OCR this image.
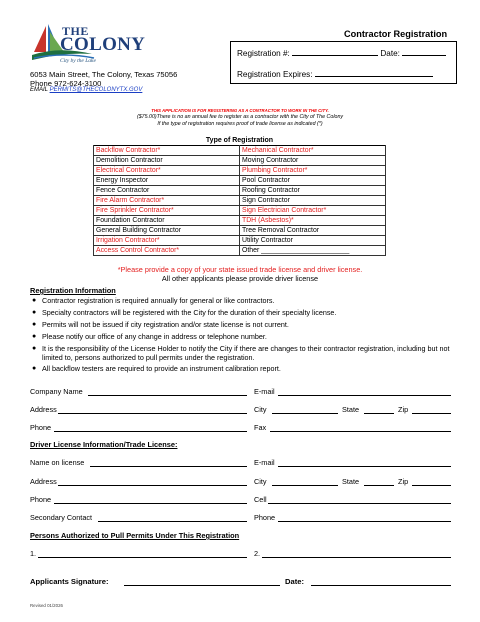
THE
COLONY
City by the Lake
6053 Main Street, The Colony, Texas 75056
Phone 972-624-3100
EMAIL PERMITS@THECOLONYTX.GOV
Contractor Registration
Registration #:	Date:
Registration Expires:
THIS APPLICATION IS FOR REGISTERING AS A CONTRACTOR TO WORK IN THE CITY.
($75.00)There is no an annual fee to register as a contractor with the City of The Colony
If the type of registration requires proof of trade license as indicated (*)
Type of Registration	
Backflow Contractor*	Mechanical Contractor*
Demolition Contractor	Moving Contractor
Electrical Contractor*	Plumbing Contractor*
Energy Inspector	Pool Contractor
Fence Contractor	Roofing Contractor
Fire Alarm Contractor*	Sign Contractor
Fire Sprinkler Contractor*	Sign Electrician Contractor*
Foundation Contractor	TDH (Asbestos)*
General Building Contractor	Tree Removal Contractor
Irrigation Contractor*	Utility Contractor
Access Control Contractor*	Other _______________________
*Please provide a copy of your state issued trade license and driver license.
All other applicants please provide driver license
Registration Information
● Contractor registration is required annually for general or like contractors.
● Specialty contractors will be registered with the City for the duration of their specialty license.
● Permits will not be issued if city registration and/or state license is not current.
● Please notify our office of any change in address or telephone number.
● It is the responsibility of the License Holder to notify the City if there are changes to their contractor registration, including but not limited to, persons authorized to pull permits under the registration.
● All backflow testers are required to provide an instrument calibration report.
Company Name	E-mail
Address	City	State	Zip
Phone	Fax
Driver License Information/Trade License:
Name on license	E-mail
Address	City	State	Zip
Phone	Cell
Secondary Contact	Phone
Persons Authorized to Pull Permits Under This Registration
1.	2.
Applicants Signature:	Date:
Revised 01/2026
